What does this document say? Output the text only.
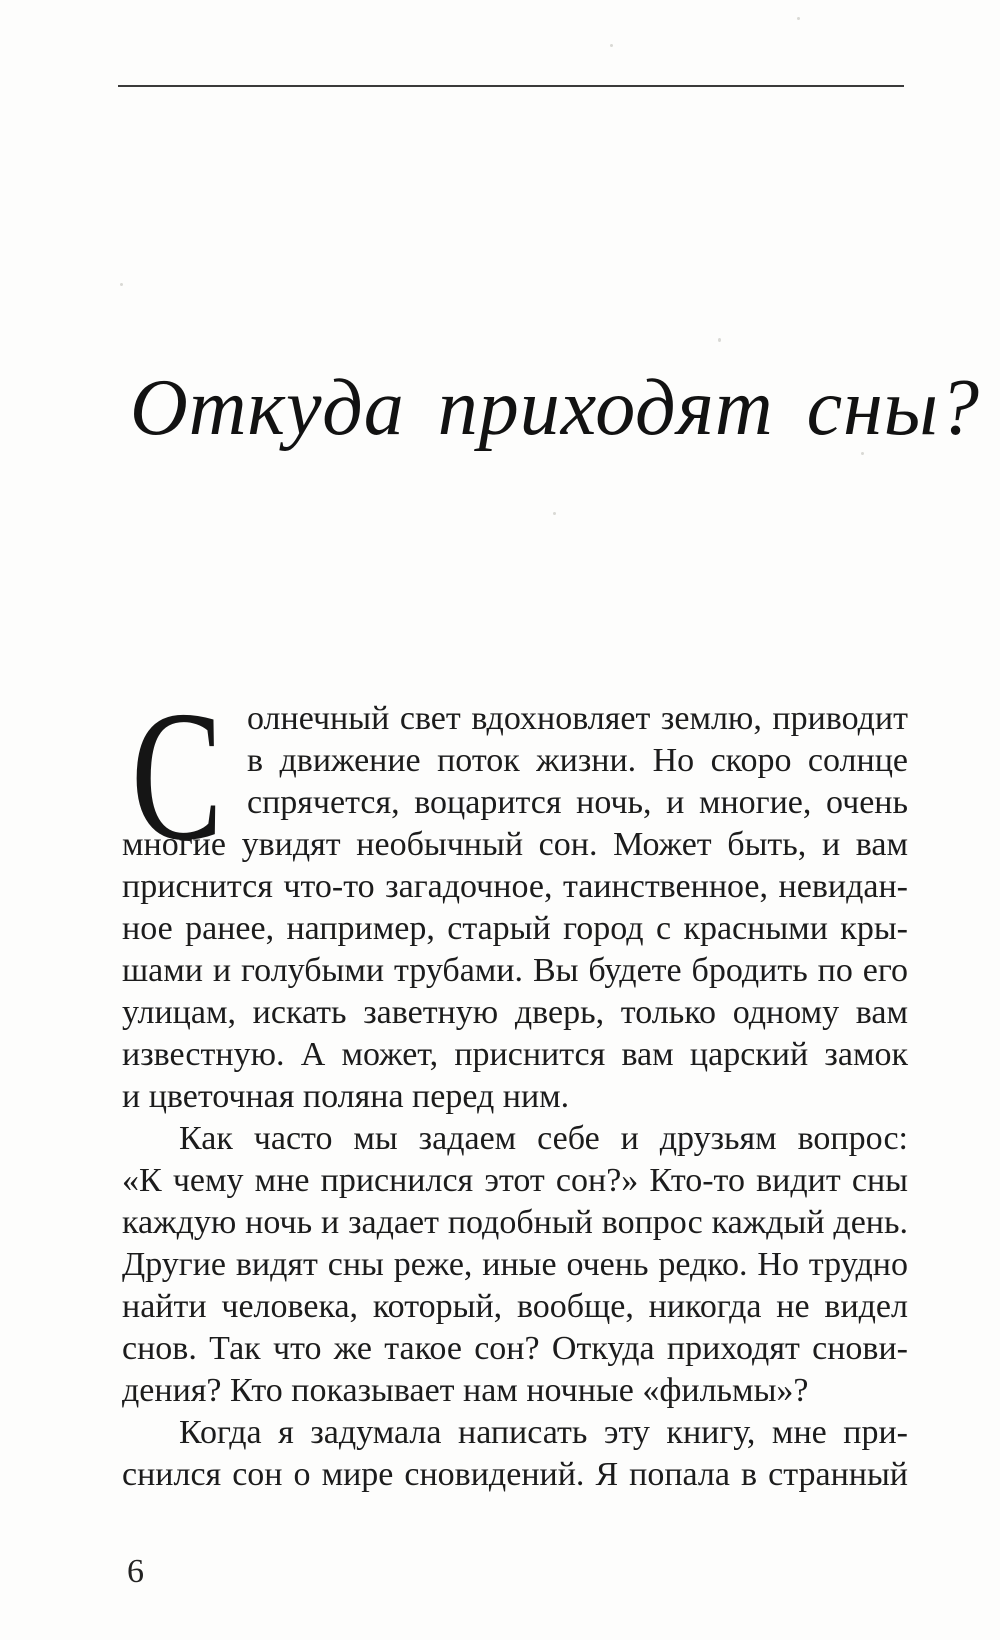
Откуда приходят сны?
С олнечный свет вдохновляет землю, приводит
в движение поток жизни. Но скоро солнце
спрячется, воцарится ночь, и многие, очень
многие увидят необычный сон. Может быть, и вам
приснится что-то загадочное, таинственное, невидан-
ное ранее, например, старый город с красными кры-
шами и голубыми трубами. Вы будете бродить по его
улицам, искать заветную дверь, только одному вам
известную. А может, приснится вам царский замок
и цветочная поляна перед ним.
Как часто мы задаем себе и друзьям вопрос:
«К чему мне приснился этот сон?» Кто-то видит сны
каждую ночь и задает подобный вопрос каждый день.
Другие видят сны реже, иные очень редко. Но трудно
найти человека, который, вообще, никогда не видел
снов. Так что же такое сон? Откуда приходят снови-
дения? Кто показывает нам ночные «фильмы»?
Когда я задумала написать эту книгу, мне при-
снился сон о мире сновидений. Я попала в странный
6
